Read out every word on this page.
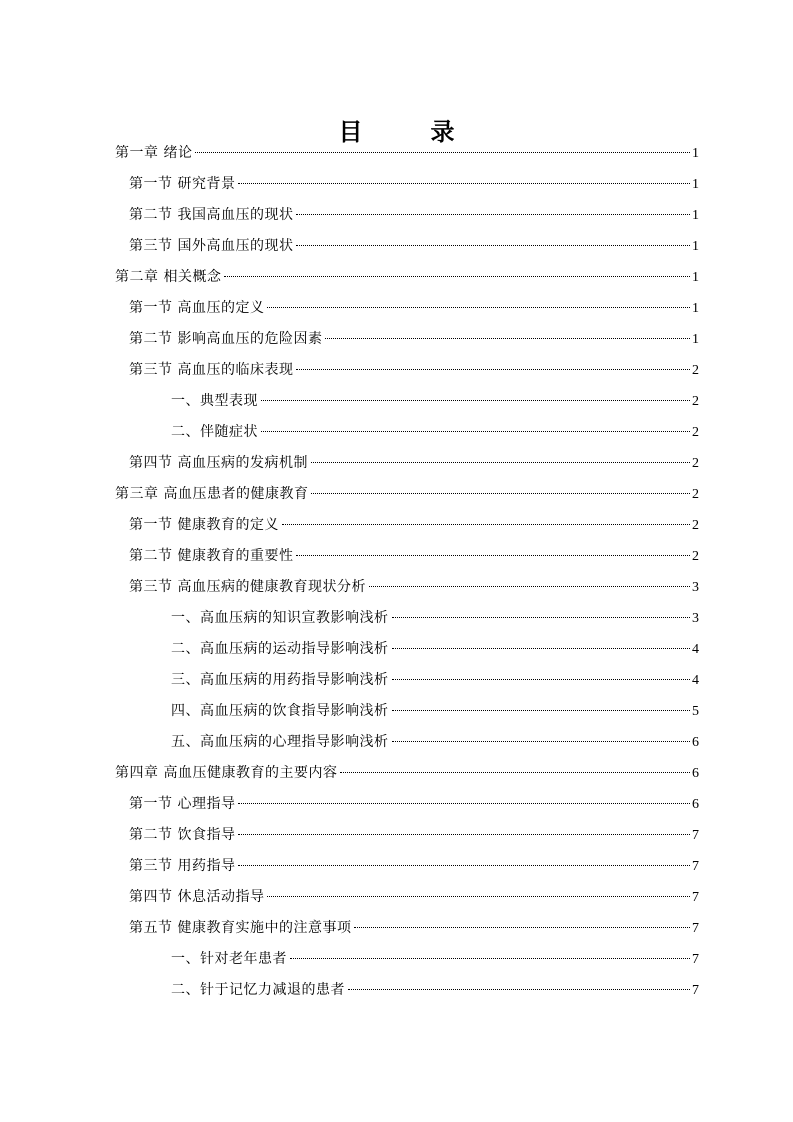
目　录
第一章 绪论	1
第一节 研究背景	1
第二节 我国高血压的现状	1
第三节 国外高血压的现状	1
第二章 相关概念	1
第一节 高血压的定义	1
第二节 影响高血压的危险因素	1
第三节 高血压的临床表现	2
一、典型表现	2
二、伴随症状	2
第四节 高血压病的发病机制	2
第三章 高血压患者的健康教育	2
第一节 健康教育的定义	2
第二节 健康教育的重要性	2
第三节 高血压病的健康教育现状分析	3
一、高血压病的知识宣教影响浅析	3
二、高血压病的运动指导影响浅析	4
三、高血压病的用药指导影响浅析	4
四、高血压病的饮食指导影响浅析	5
五、高血压病的心理指导影响浅析	6
第四章 高血压健康教育的主要内容	6
第一节 心理指导	6
第二节 饮食指导	7
第三节 用药指导	7
第四节 休息活动指导	7
第五节 健康教育实施中的注意事项	7
一、针对老年患者	7
二、针于记忆力减退的患者	7
